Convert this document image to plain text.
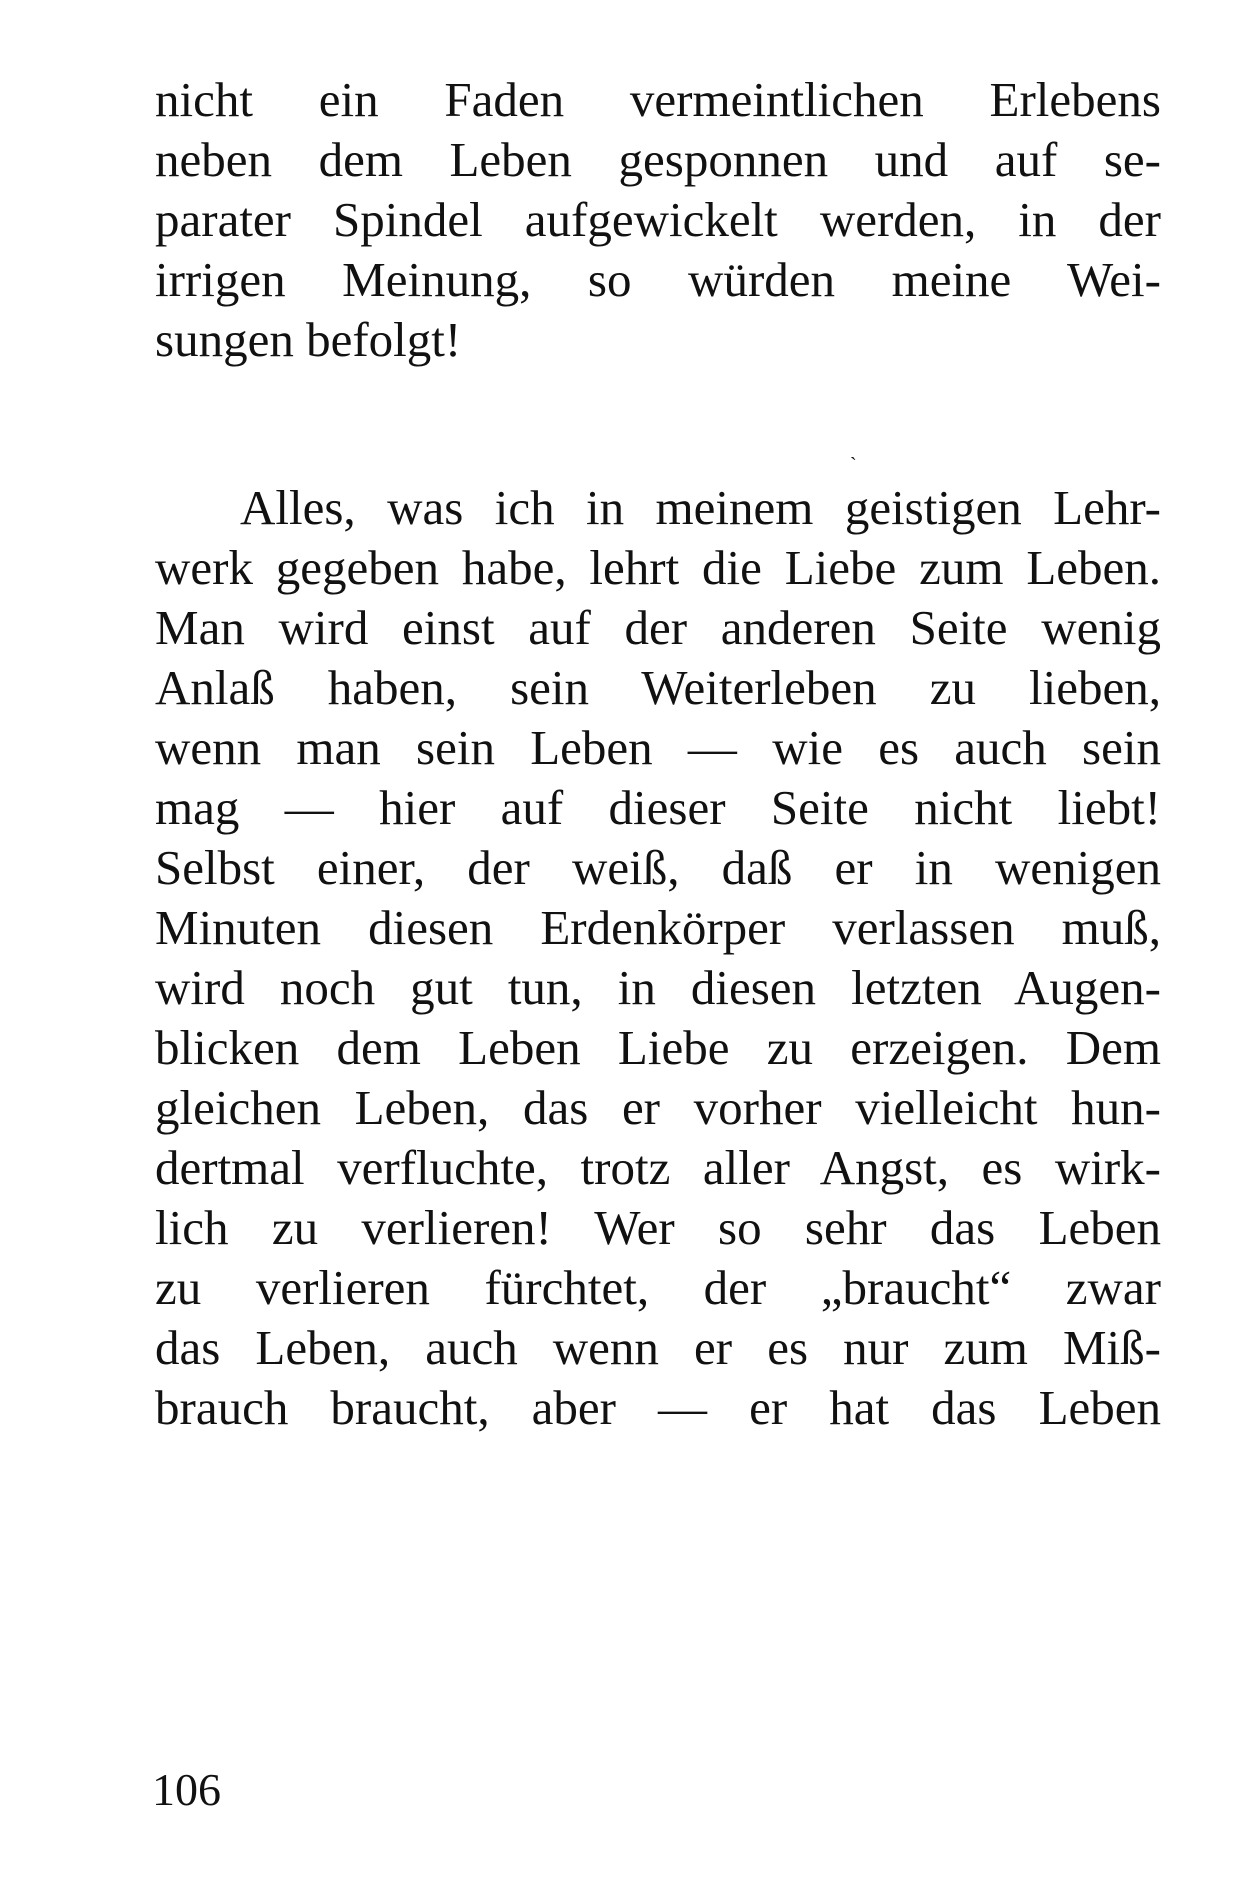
nicht ein Faden vermeintlichen Erlebens
neben dem Leben gesponnen und auf se-
parater Spindel aufgewickelt werden, in der
irrigen Meinung, so würden meine Wei-
sungen befolgt!
ˋ
Alles, was ich in meinem geistigen Lehr-
werk gegeben habe, lehrt die Liebe zum Leben.
Man wird einst auf der anderen Seite wenig
Anlaß haben, sein Weiterleben zu lieben,
wenn man sein Leben — wie es auch sein
mag — hier auf dieser Seite nicht liebt!
Selbst einer, der weiß, daß er in wenigen
Minuten diesen Erdenkörper verlassen muß,
wird noch gut tun, in diesen letzten Augen-
blicken dem Leben Liebe zu erzeigen. Dem
gleichen Leben, das er vorher vielleicht hun-
dertmal verfluchte, trotz aller Angst, es wirk-
lich zu verlieren! Wer so sehr das Leben
zu verlieren fürchtet, der „braucht“ zwar
das Leben, auch wenn er es nur zum Miß-
brauch braucht, aber — er hat das Leben
106
